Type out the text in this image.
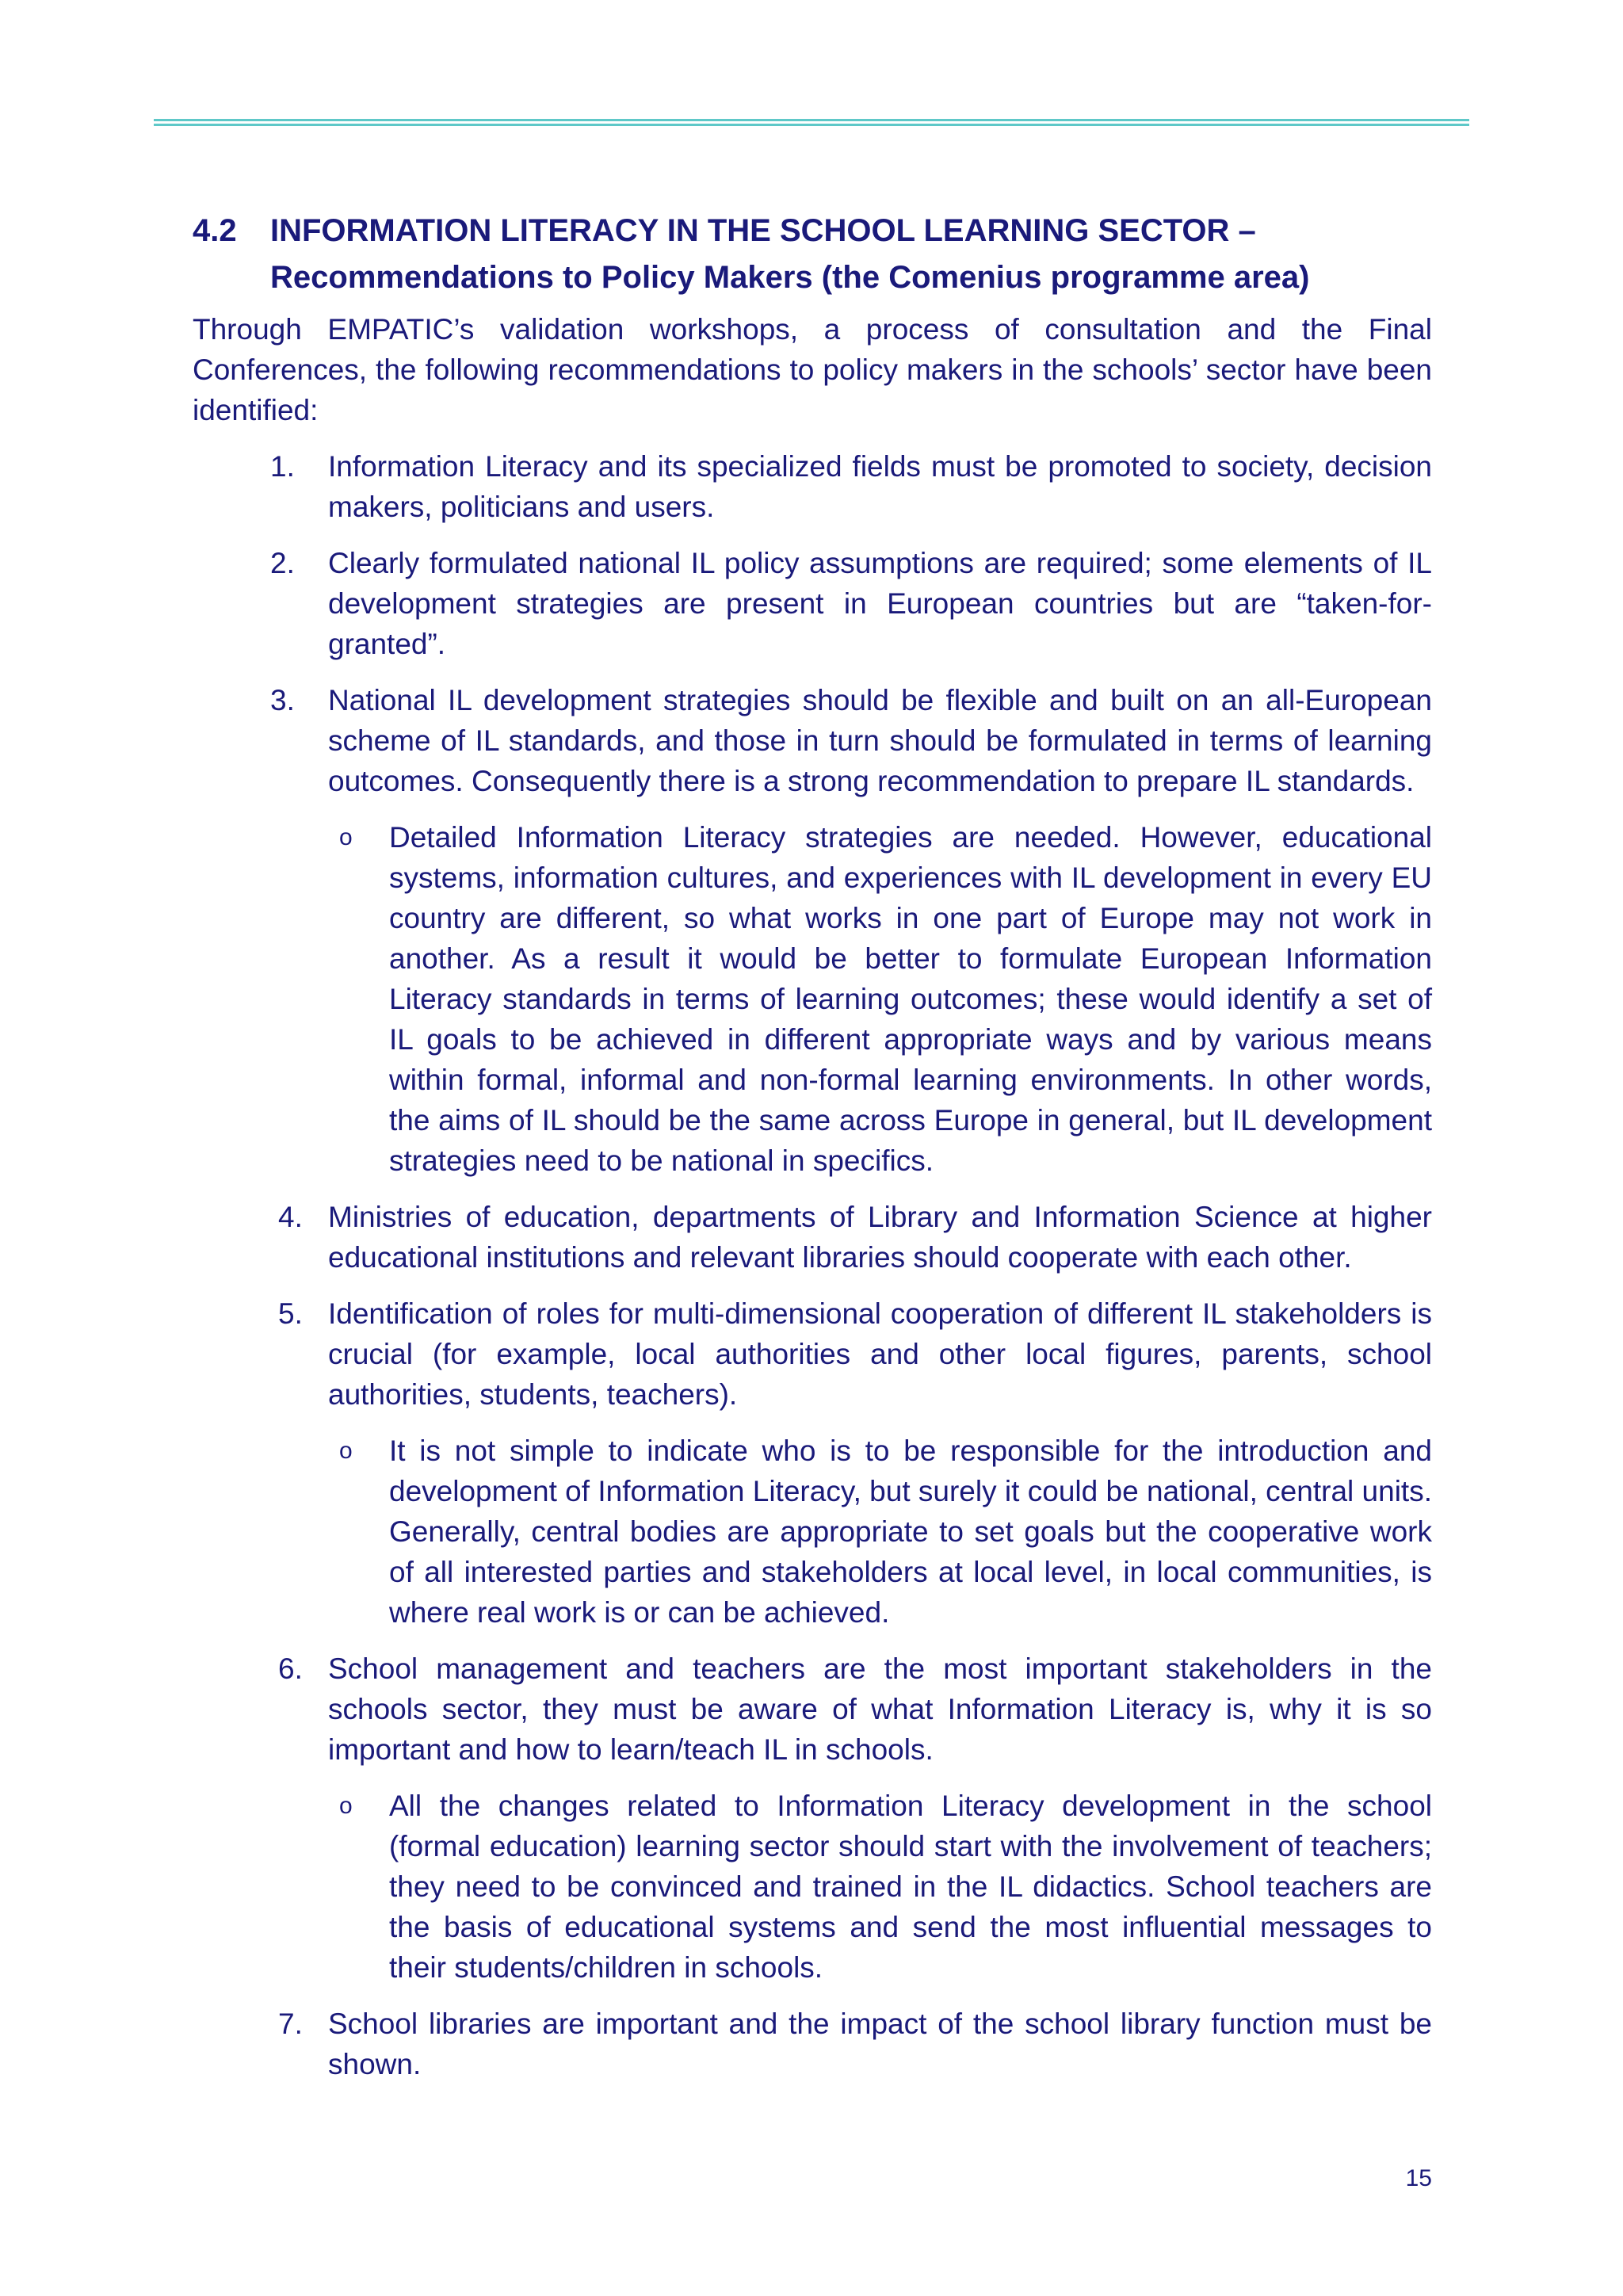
4.2	INFORMATION LITERACY IN THE SCHOOL LEARNING SECTOR –
Recommendations to Policy Makers (the Comenius programme area)

Through EMPATIC’s validation workshops, a process of consultation and the Final Conferences, the following recommendations to policy makers in the schools’ sector have been identified:

1.	Information Literacy and its specialized fields must be promoted to society, decision makers, politicians and users.
2.	Clearly formulated national IL policy assumptions are required; some elements of IL development strategies are present in European countries but are “taken-for-granted”.
3.	National IL development strategies should be flexible and built on an all-European scheme of IL standards, and those in turn should be formulated in terms of learning outcomes. Consequently there is a strong recommendation to prepare IL standards.
o Detailed Information Literacy strategies are needed. However, educational systems, information cultures, and experiences with IL development in every EU country are different, so what works in one part of Europe may not work in another. As a result it would be better to formulate European Information Literacy standards in terms of learning outcomes; these would identify a set of IL goals to be achieved in different appropriate ways and by various means within formal, informal and non-formal learning environments. In other words, the aims of IL should be the same across Europe in general, but IL development strategies need to be national in specifics.
4. Ministries of education, departments of Library and Information Science at higher educational institutions and relevant libraries should cooperate with each other.
5. Identification of roles for multi-dimensional cooperation of different IL stakeholders is crucial (for example, local authorities and other local figures, parents, school authorities, students, teachers).
o It is not simple to indicate who is to be responsible for the introduction and development of Information Literacy, but surely it could be national, central units. Generally, central bodies are appropriate to set goals but the cooperative work of all interested parties and stakeholders at local level, in local communities, is where real work is or can be achieved.
6. School management and teachers are the most important stakeholders in the schools sector, they must be aware of what Information Literacy is, why it is so important and how to learn/teach IL in schools.
o All the changes related to Information Literacy development in the school (formal education) learning sector should start with the involvement of teachers; they need to be convinced and trained in the IL didactics. School teachers are the basis of educational systems and send the most influential messages to their students/children in schools.
7. School libraries are important and the impact of the school library function must be shown.
15
